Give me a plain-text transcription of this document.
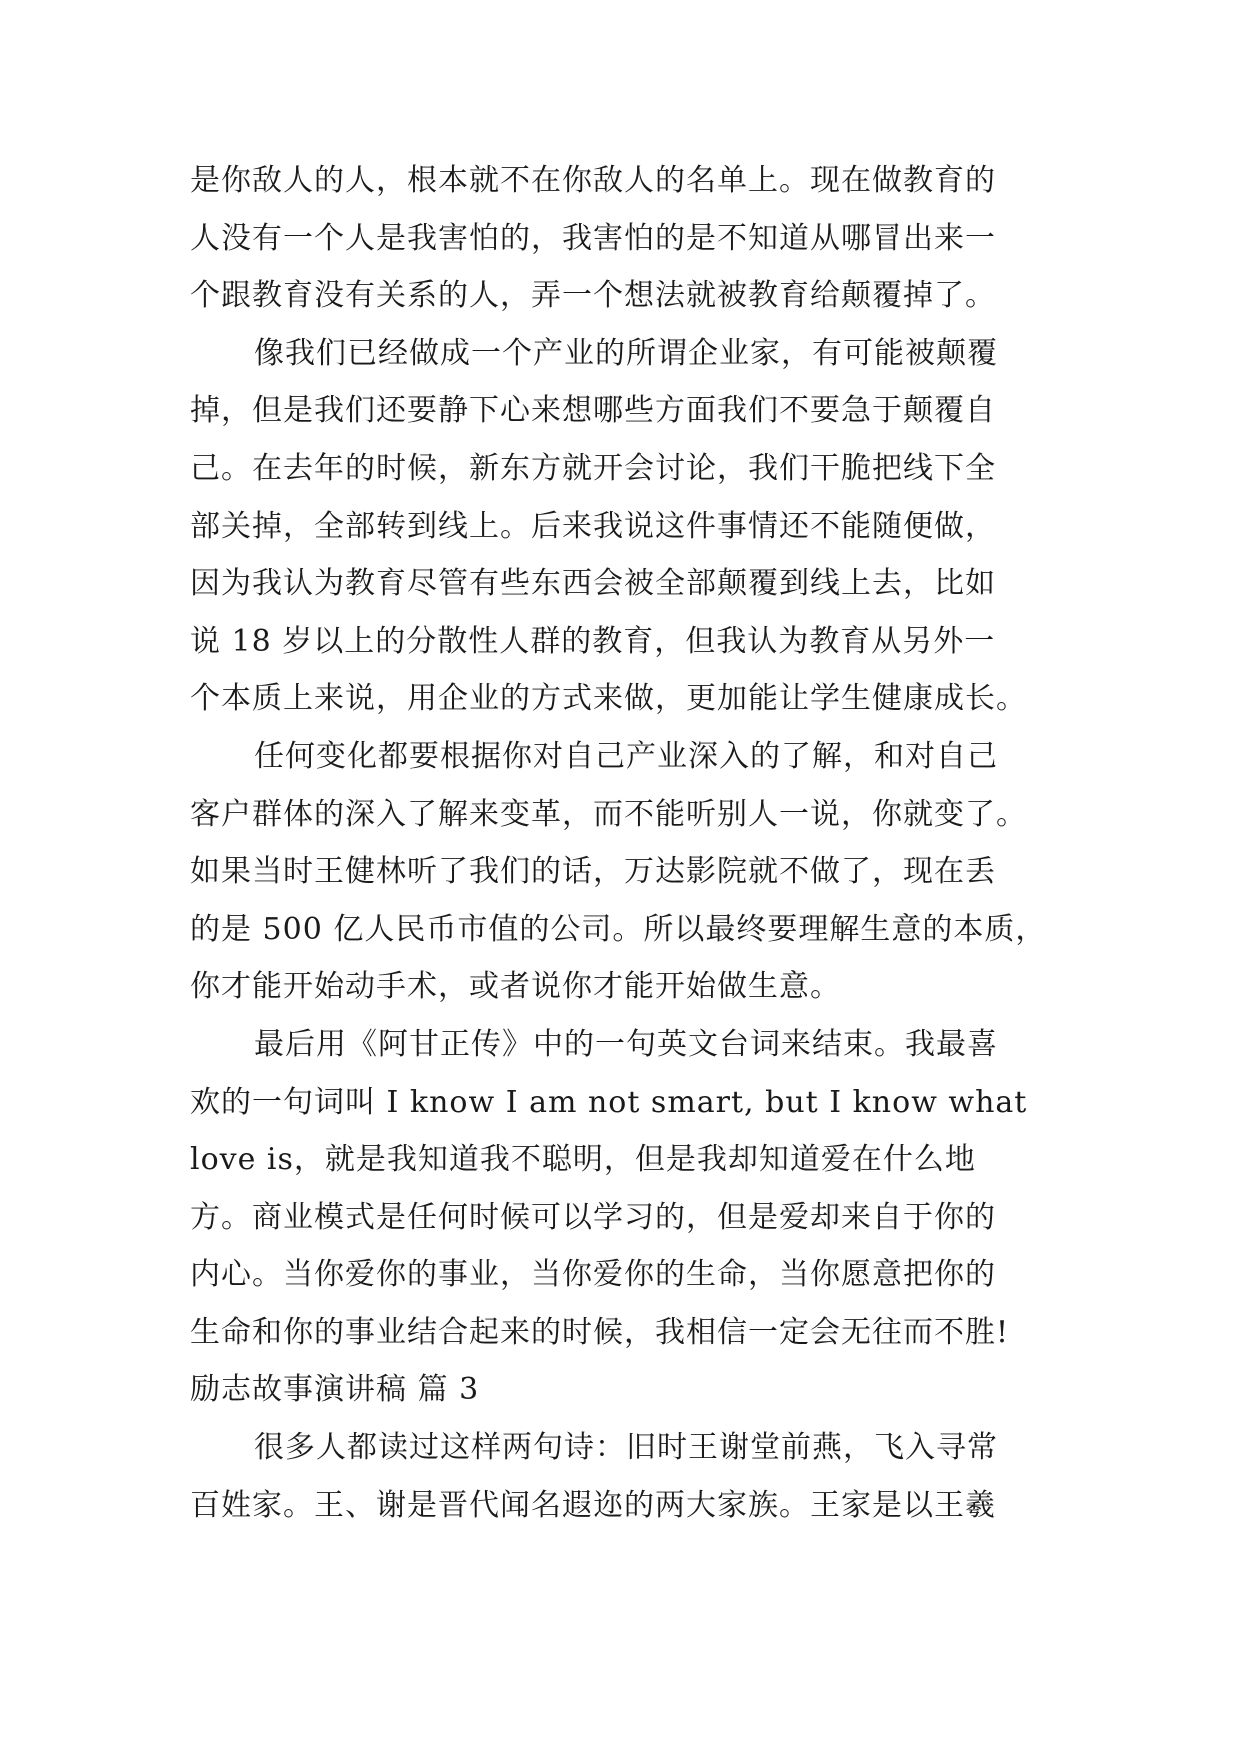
是你敌人的人，根本就不在你敌人的名单上。现在做教育的
人没有一个人是我害怕的，我害怕的是不知道从哪冒出来一
个跟教育没有关系的人，弄一个想法就被教育给颠覆掉了。
像我们已经做成一个产业的所谓企业家，有可能被颠覆
掉，但是我们还要静下心来想哪些方面我们不要急于颠覆自
己。在去年的时候，新东方就开会讨论，我们干脆把线下全
部关掉，全部转到线上。后来我说这件事情还不能随便做，
因为我认为教育尽管有些东西会被全部颠覆到线上去，比如
说 18 岁以上的分散性人群的教育，但我认为教育从另外一
个本质上来说，用企业的方式来做，更加能让学生健康成长。
任何变化都要根据你对自己产业深入的了解，和对自己
客户群体的深入了解来变革，而不能听别人一说，你就变了。
如果当时王健林听了我们的话，万达影院就不做了，现在丢
的是 500 亿人民币市值的公司。所以最终要理解生意的本质，
你才能开始动手术，或者说你才能开始做生意。
最后用《阿甘正传》中的一句英文台词来结束。我最喜
欢的一句词叫 I know I am not smart, but I know what
love is，就是我知道我不聪明，但是我却知道爱在什么地
方。商业模式是任何时候可以学习的，但是爱却来自于你的
内心。当你爱你的事业，当你爱你的生命，当你愿意把你的
生命和你的事业结合起来的时候，我相信一定会无往而不胜!
励志故事演讲稿 篇 3
很多人都读过这样两句诗：旧时王谢堂前燕，飞入寻常
百姓家。王、谢是晋代闻名遐迩的两大家族。王家是以王羲
